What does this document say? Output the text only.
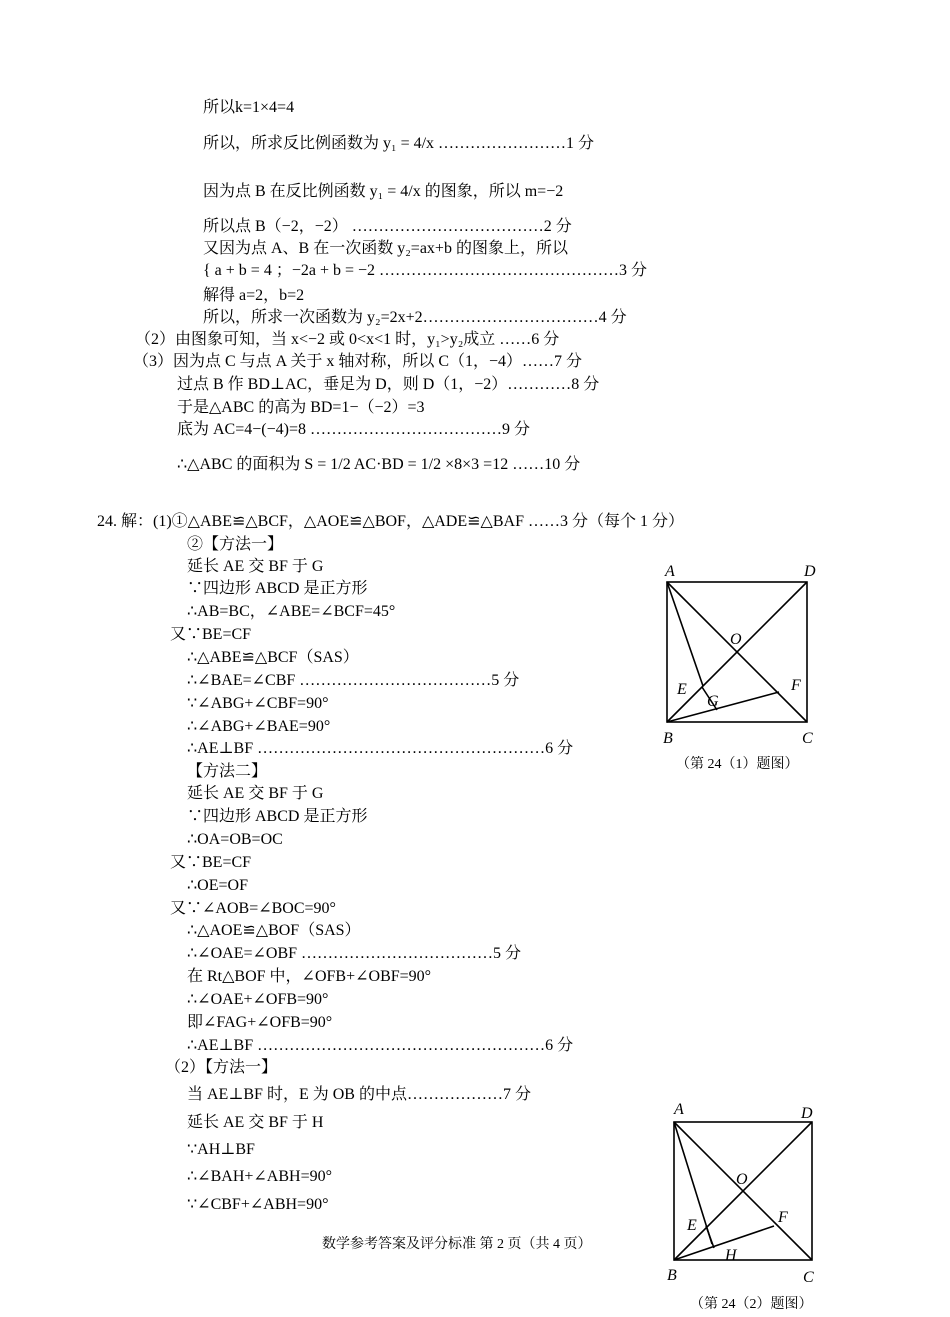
所以k=1×4=4
所以，所求反比例函数为 y₁ = 4/x ……………………1 分
因为点 B 在反比例函数 y₁ = 4/x 的图象，所以 m=−2
所以点 B（−2，−2） ………………………………2 分
又因为点 A、B 在一次函数 y₂=ax+b 的图象上，所以
{ a + b = 4 ；−2a + b = −2 ………………………………………3 分
解得 a=2，b=2
所以，所求一次函数为 y₂=2x+2……………………………4 分
（2）由图象可知，当 x<−2 或 0<x<1 时，y₁>y₂成立 ……6 分
（3）因为点 C 与点 A 关于 x 轴对称，所以 C（1，−4）……7 分
过点 B 作 BD⊥AC，垂足为 D，则 D（1，−2）…………8 分
于是△ABC 的高为 BD=1−（−2）=3
底为 AC=4−(−4)=8 ………………………………9 分
∴△ABC 的面积为 S = 1/2 AC·BD = 1/2 ×8×3 =12 ……10 分
24. 解：(1)①△ABE≌△BCF，△AOE≌△BOF，△ADE≌△BAF ……3 分（每个 1 分）
②【方法一】
延长 AE 交 BF 于 G
∵四边形 ABCD 是正方形
∴AB=BC，∠ABE=∠BCF=45°
又∵BE=CF
∴△ABE≌△BCF（SAS）
∴∠BAE=∠CBF ………………………………5 分
∵∠ABG+∠CBF=90°
∴∠ABG+∠BAE=90°
∴AE⊥BF ………………………………………………6 分
【方法二】
延长 AE 交 BF 于 G
∵四边形 ABCD 是正方形
∴OA=OB=OC
又∵BE=CF
∴OE=OF
又∵∠AOB=∠BOC=90°
∴△AOE≌△BOF（SAS）
∴∠OAE=∠OBF ………………………………5 分
在 Rt△BOF 中，∠OFB+∠OBF=90°
∴∠OAE+∠OFB=90°
即∠FAG+∠OFB=90°
∴AE⊥BF ………………………………………………6 分
（2）【方法一】
当 AE⊥BF 时，E 为 OB 的中点………………7 分
延长 AE 交 BF 于 H
∵AH⊥BF
∴∠BAH+∠ABH=90°
∵∠CBF+∠ABH=90°
A	D
B	C
O
E	F
G
（第 24（1）题图）
A	D
B	C
O
E	F
H
（第 24（2）题图）
数学参考答案及评分标准 第 2 页（共 4 页）
